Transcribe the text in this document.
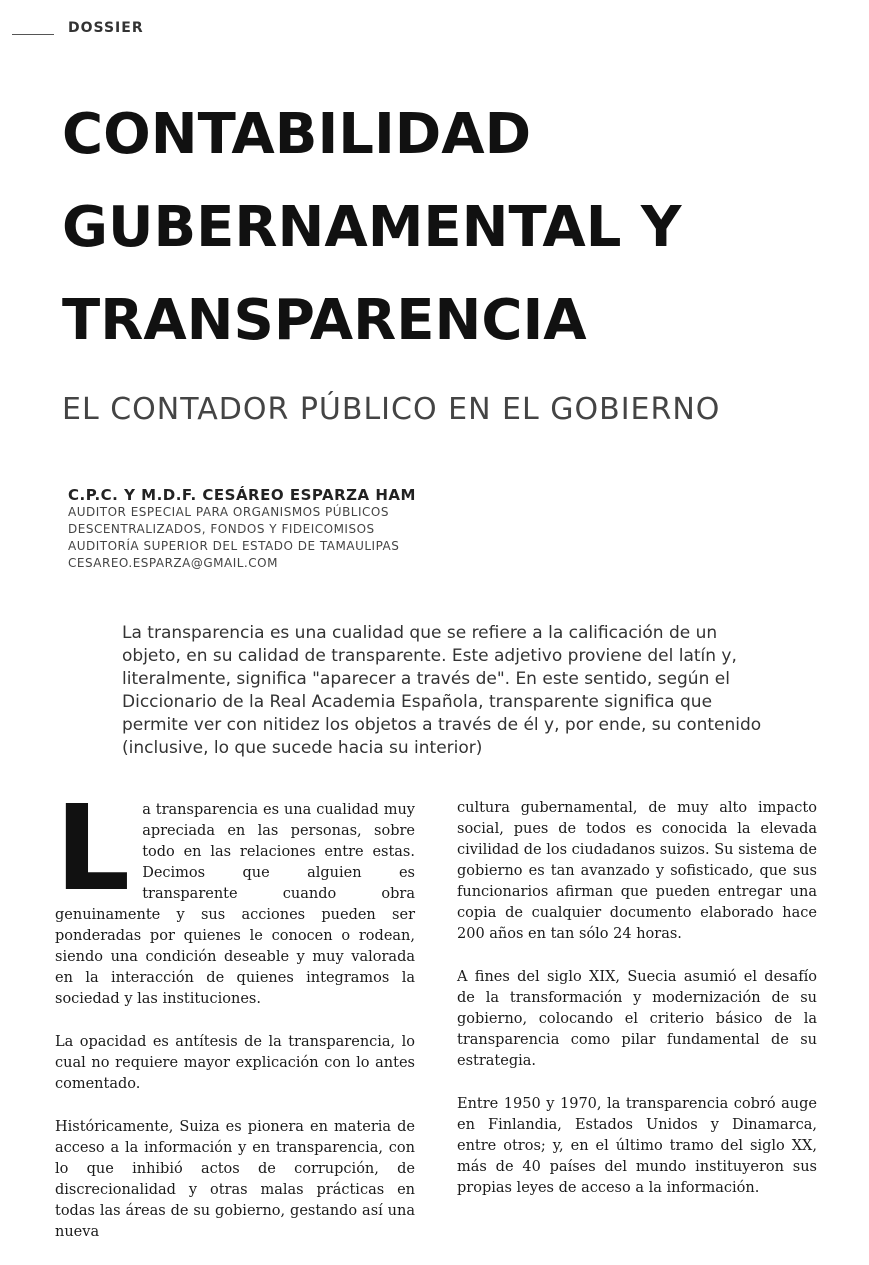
DOSSIER
CONTABILIDAD
GUBERNAMENTAL Y
TRANSPARENCIA
EL CONTADOR PÚBLICO EN EL GOBIERNO
C.P.C. Y M.D.F. CESÁREO ESPARZA HAM
AUDITOR ESPECIAL PARA ORGANISMOS PÚBLICOS
DESCENTRALIZADOS, FONDOS Y FIDEICOMISOS
AUDITORÍA SUPERIOR DEL ESTADO DE TAMAULIPAS
CESAREO.ESPARZA@GMAIL.COM

La transparencia es una cualidad que se refiere a la calificación de un objeto, en su calidad de transparente. Este adjetivo proviene del latín y, literalmente, significa "aparecer a través de". En este sentido, según el Diccionario de la Real Academia Española, transparente significa que permite ver con nitidez los objetos a través de él y, por ende, su contenido (inclusive, lo que sucede hacia su interior)

La transparencia es una cualidad muy apreciada en las personas, sobre todo en las relaciones entre estas. Decimos que alguien es transparente cuando obra genuinamente y sus acciones pueden ser ponderadas por quienes le conocen o rodean, siendo una condición deseable y muy valorada en la interacción de quienes integramos la sociedad y las instituciones.

La opacidad es antítesis de la transparencia, lo cual no requiere mayor explicación con lo antes comentado.

Históricamente, Suiza es pionera en materia de acceso a la información y en transparencia, con lo que inhibió actos de corrupción, de discrecionalidad y otras malas prácticas en todas las áreas de su gobierno, gestando así una nueva

cultura gubernamental, de muy alto impacto social, pues de todos es conocida la elevada civilidad de los ciudadanos suizos. Su sistema de gobierno es tan avanzado y sofisticado, que sus funcionarios afirman que pueden entregar una copia de cualquier documento elaborado hace 200 años en tan sólo 24 horas.

A fines del siglo XIX, Suecia asumió el desafío de la transformación y modernización de su gobierno, colocando el criterio básico de la transparencia como pilar fundamental de su estrategia.

Entre 1950 y 1970, la transparencia cobró auge en Finlandia, Estados Unidos y Dinamarca, entre otros; y, en el último tramo del siglo XX, más de 40 países del mundo instituyeron sus propias leyes de acceso a la información.
